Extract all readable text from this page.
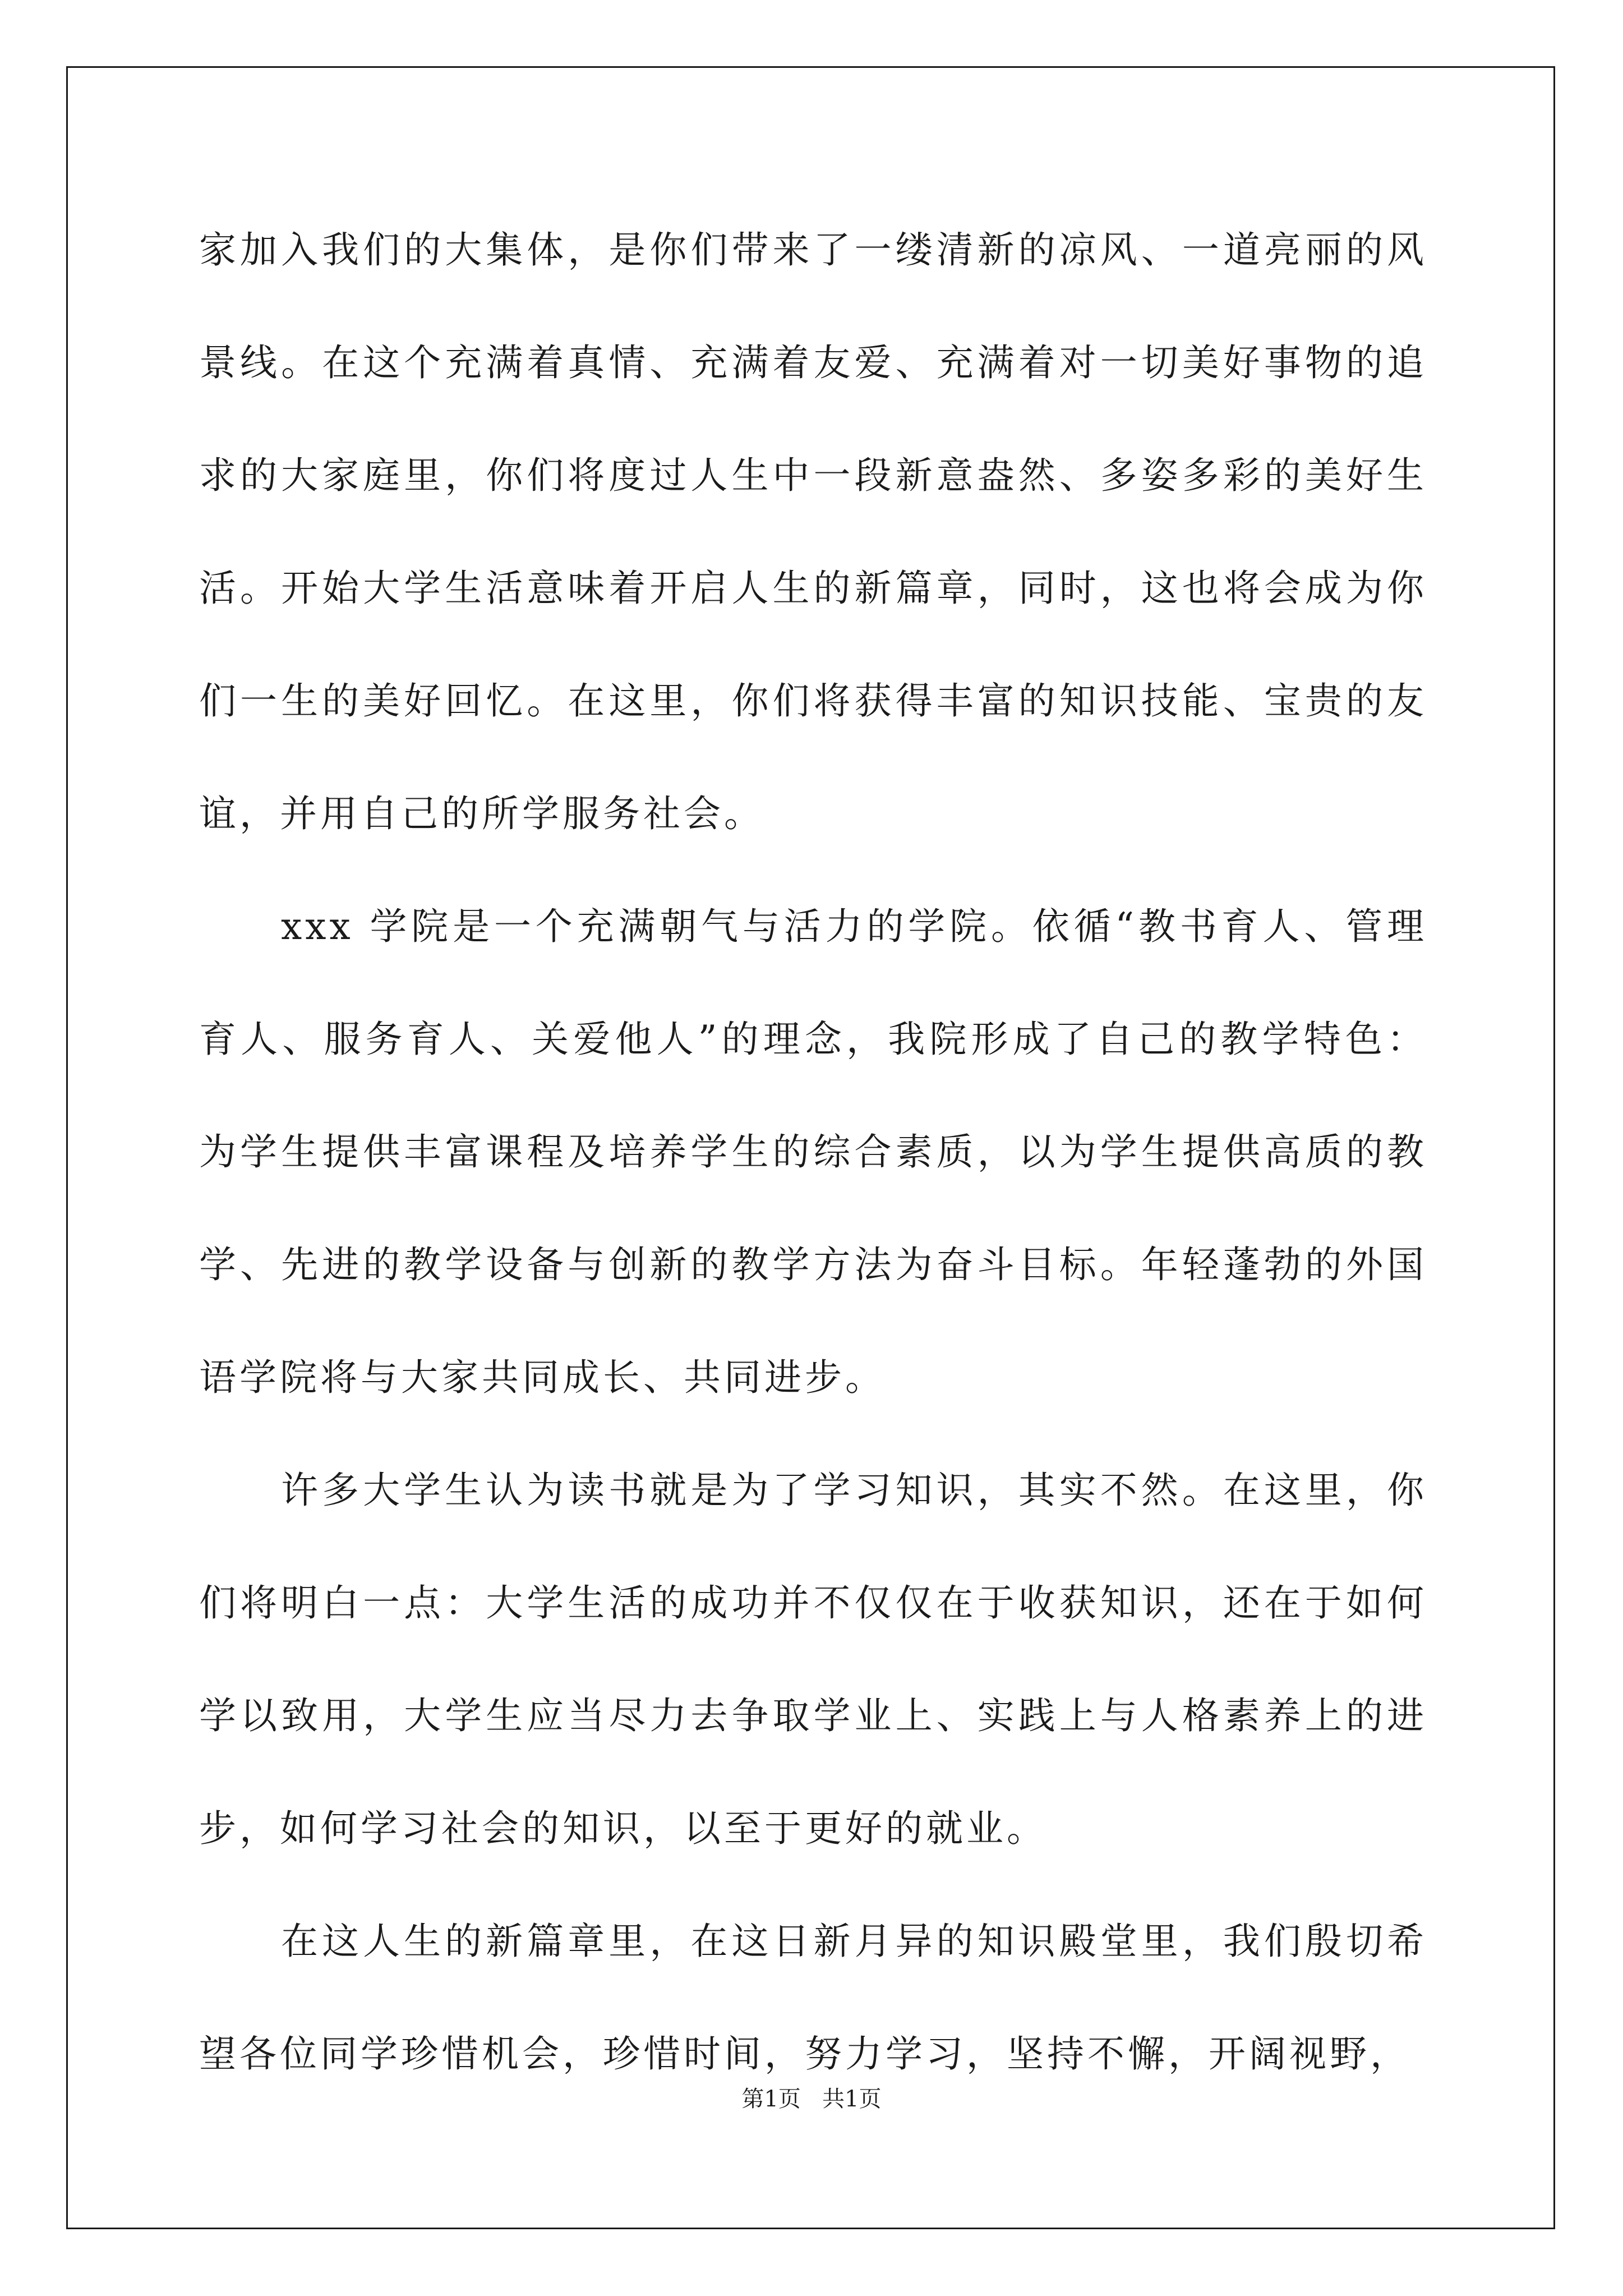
家加入我们的大集体，是你们带来了一缕清新的凉风、一道亮丽的风景线。在这个充满着真情、充满着友爱、充满着对一切美好事物的追求的大家庭里，你们将度过人生中一段新意盎然、多姿多彩的美好生活。开始大学生活意味着开启人生的新篇章，同时，这也将会成为你们一生的美好回忆。在这里，你们将获得丰富的知识技能、宝贵的友谊，并用自己的所学服务社会。

xxx 学院是一个充满朝气与活力的学院。依循“教书育人、管理育人、服务育人、关爱他人”的理念，我院形成了自己的教学特色：为学生提供丰富课程及培养学生的综合素质，以为学生提供高质的教学、先进的教学设备与创新的教学方法为奋斗目标。年轻蓬勃的外国语学院将与大家共同成长、共同进步。

许多大学生认为读书就是为了学习知识，其实不然。在这里，你们将明白一点：大学生活的成功并不仅仅在于收获知识，还在于如何学以致用，大学生应当尽力去争取学业上、实践上与人格素养上的进步，如何学习社会的知识，以至于更好的就业。

在这人生的新篇章里，在这日新月异的知识殿堂里，我们殷切希望各位同学珍惜机会，珍惜时间，努力学习，坚持不懈，开阔视野，

第1页   共1页
